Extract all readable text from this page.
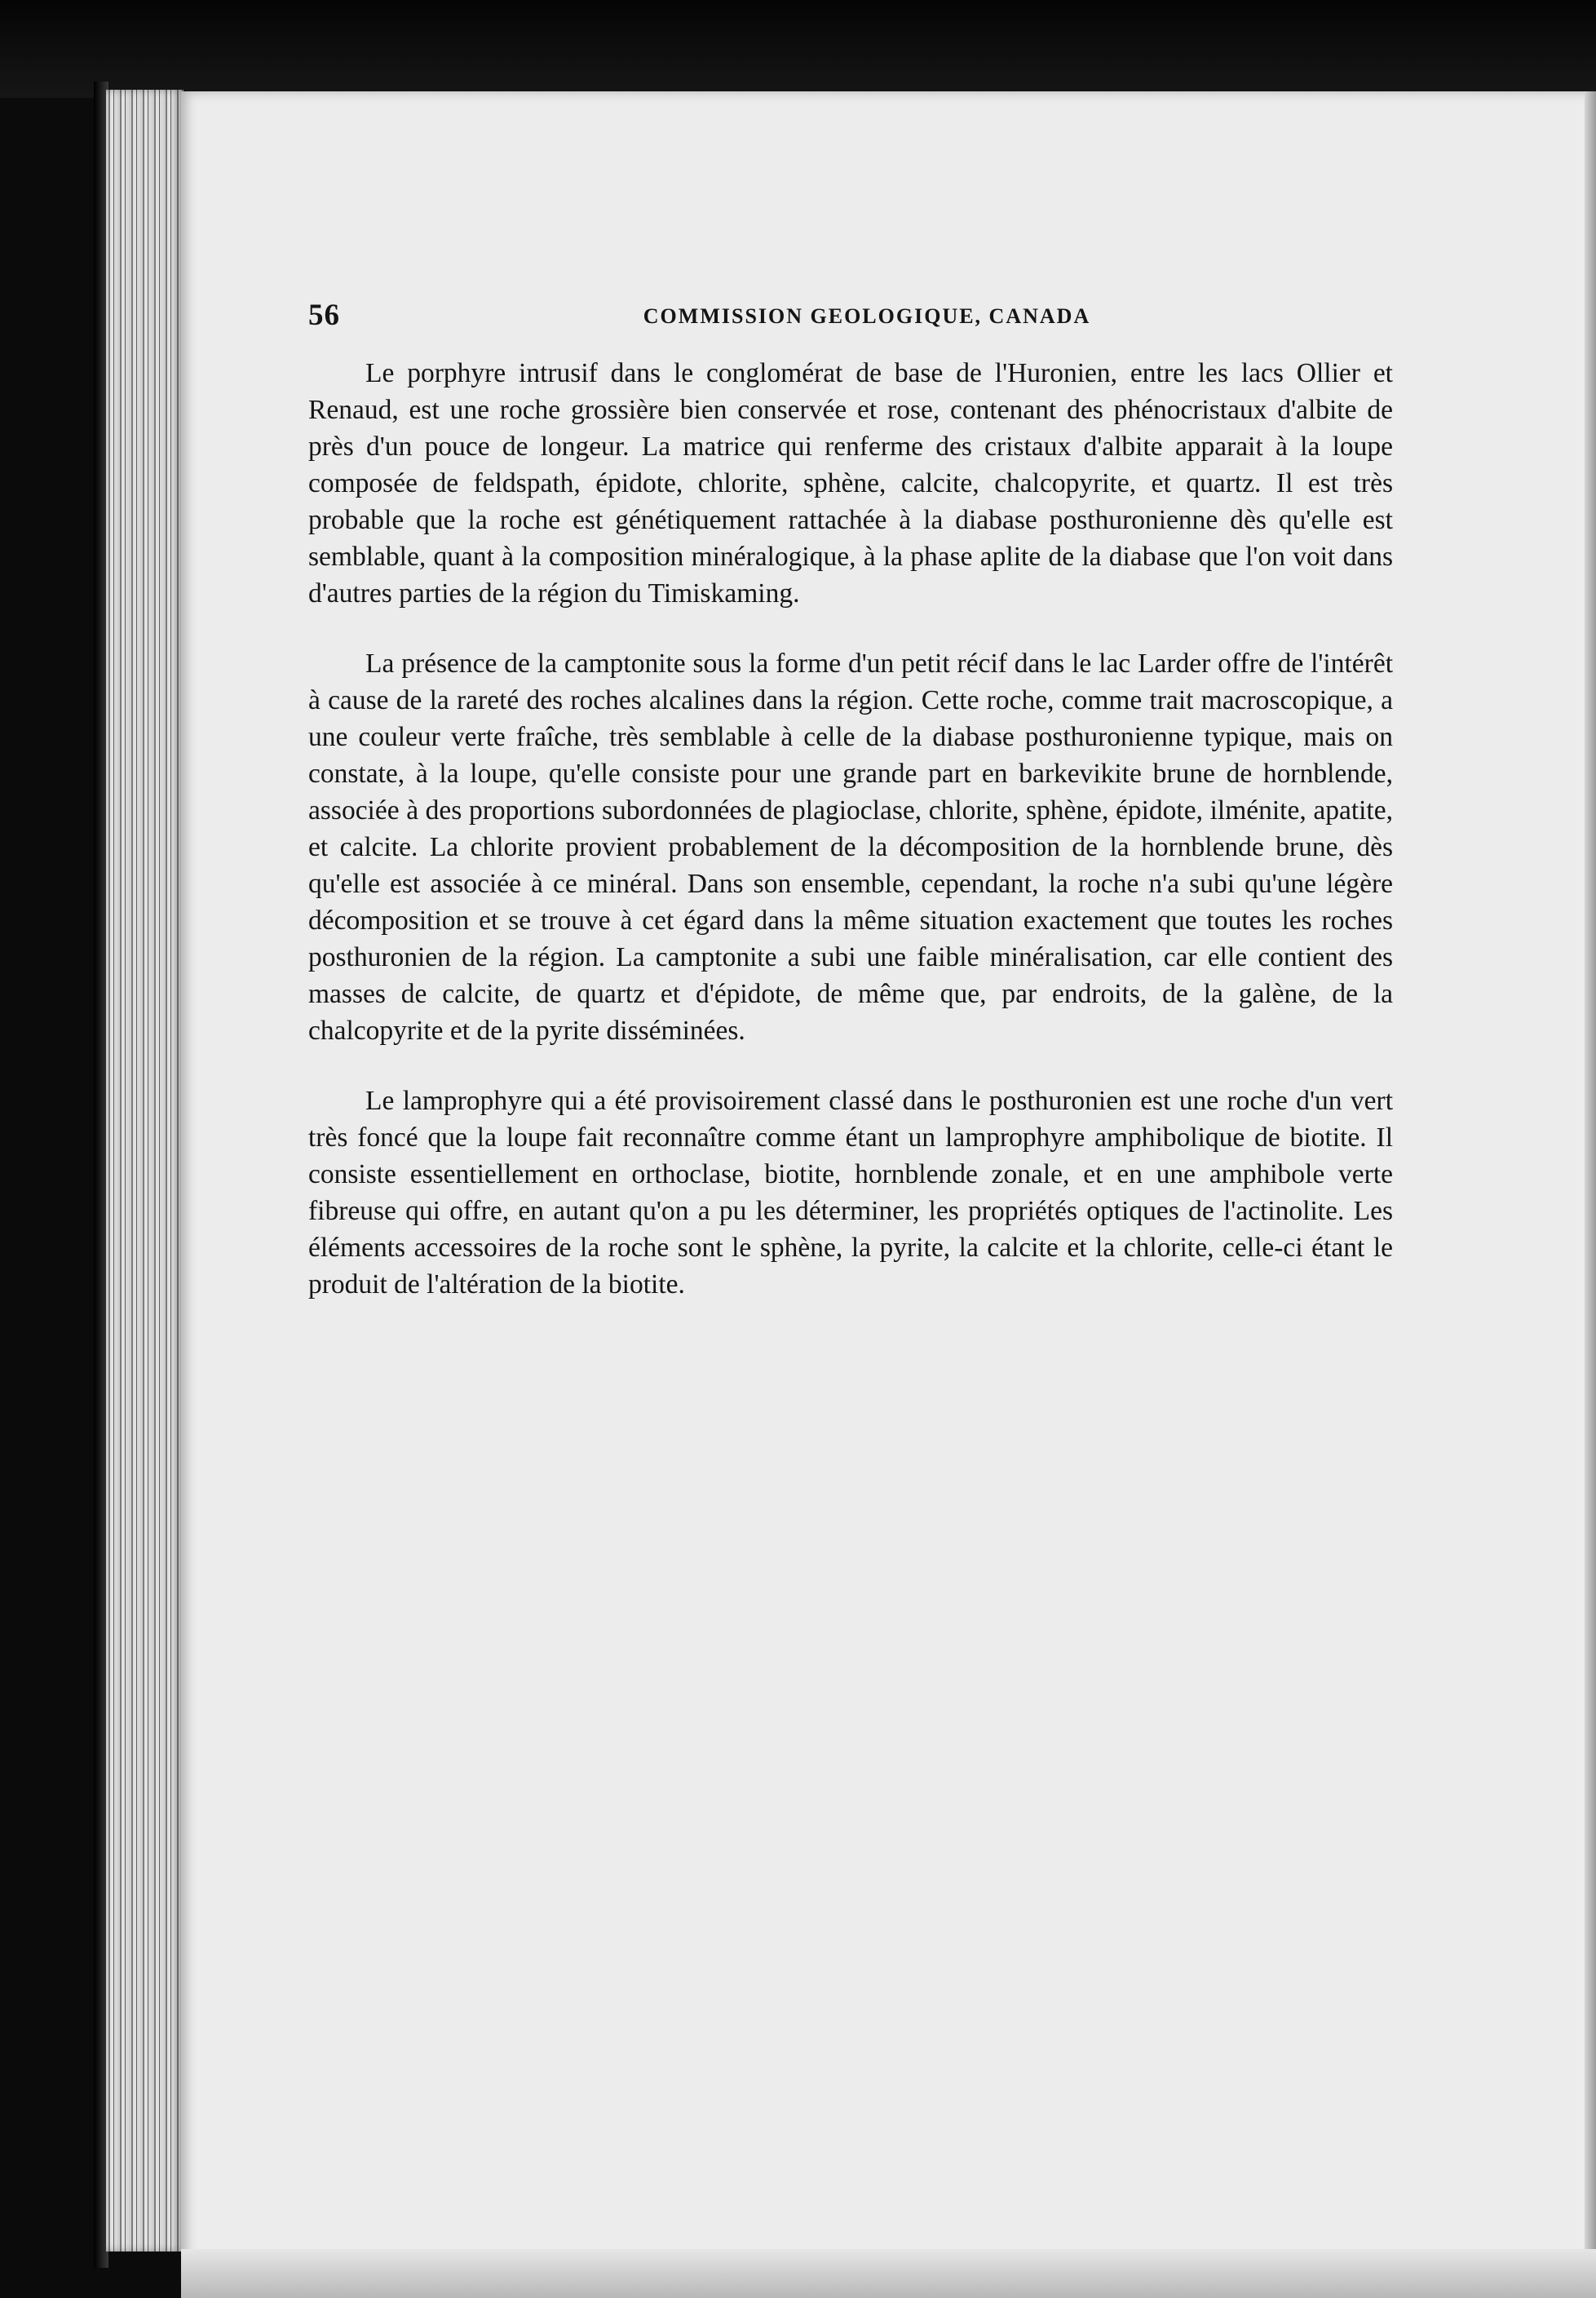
56	COMMISSION GEOLOGIQUE, CANADA

Le porphyre intrusif dans le conglomérat de base de l'Huronien, entre les lacs Ollier et Renaud, est une roche grossière bien conservée et rose, contenant des phénocristaux d'albite de près d'un pouce de longeur. La matrice qui renferme des cristaux d'albite apparait à la loupe composée de feldspath, épidote, chlorite, sphène, calcite, chalcopyrite, et quartz. Il est très probable que la roche est génétiquement rattachée à la diabase posthuronienne dès qu'elle est semblable, quant à la composition minéralogique, à la phase aplite de la diabase que l'on voit dans d'autres parties de la région du Timiskaming.

La présence de la camptonite sous la forme d'un petit récif dans le lac Larder offre de l'intérêt à cause de la rareté des roches alcalines dans la région. Cette roche, comme trait macroscopique, a une couleur verte fraîche, très semblable à celle de la diabase posthuronienne typique, mais on constate, à la loupe, qu'elle consiste pour une grande part en barkevikite brune de hornblende, associée à des proportions subordonnées de plagioclase, chlorite, sphène, épidote, ilménite, apatite, et calcite. La chlorite provient probablement de la décomposition de la hornblende brune, dès qu'elle est associée à ce minéral. Dans son ensemble, cependant, la roche n'a subi qu'une légère décomposition et se trouve à cet égard dans la même situation exactement que toutes les roches posthuronien de la région. La camptonite a subi une faible minéralisation, car elle contient des masses de calcite, de quartz et d'épidote, de même que, par endroits, de la galène, de la chalcopyrite et de la pyrite disséminées.

Le lamprophyre qui a été provisoirement classé dans le posthuronien est une roche d'un vert très foncé que la loupe fait reconnaître comme étant un lamprophyre amphibolique de biotite. Il consiste essentiellement en orthoclase, biotite, hornblende zonale, et en une amphibole verte fibreuse qui offre, en autant qu'on a pu les déterminer, les propriétés optiques de l'actinolite. Les éléments accessoires de la roche sont le sphène, la pyrite, la calcite et la chlorite, celle-ci étant le produit de l'altération de la biotite.
